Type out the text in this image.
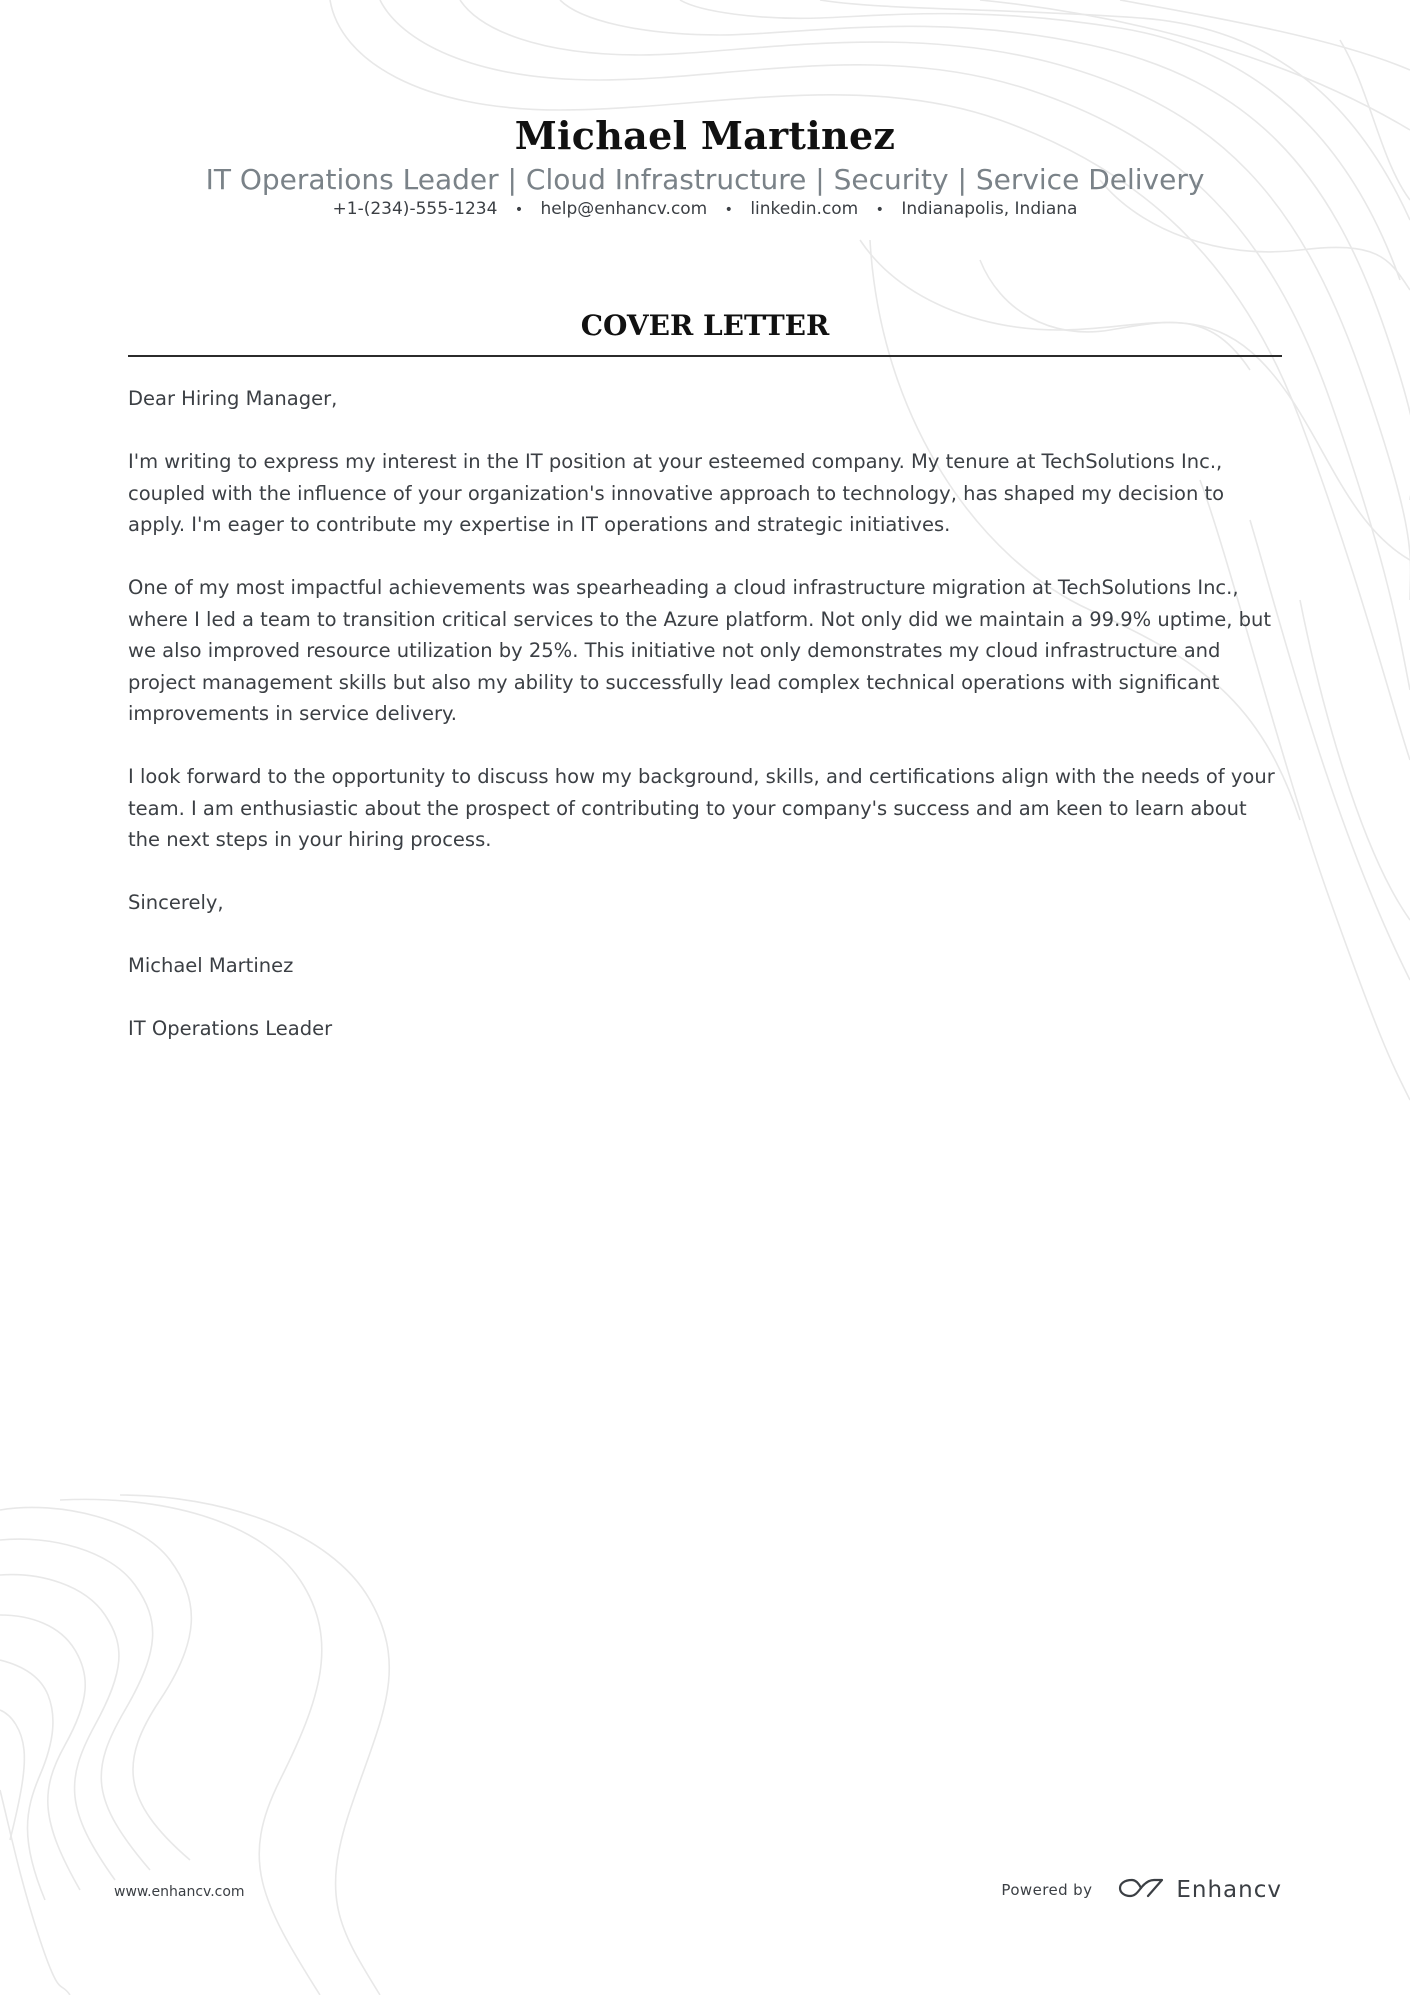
Michael Martinez
IT Operations Leader | Cloud Infrastructure | Security | Service Delivery
+1-(234)-555-1234 • help@enhancv.com • linkedin.com • Indianapolis, Indiana
COVER LETTER

Dear Hiring Manager,

I'm writing to express my interest in the IT position at your esteemed company. My tenure at TechSolutions Inc., coupled with the influence of your organization's innovative approach to technology, has shaped my decision to apply. I'm eager to contribute my expertise in IT operations and strategic initiatives.

One of my most impactful achievements was spearheading a cloud infrastructure migration at TechSolutions Inc., where I led a team to transition critical services to the Azure platform. Not only did we maintain a 99.9% uptime, but we also improved resource utilization by 25%. This initiative not only demonstrates my cloud infrastructure and project management skills but also my ability to successfully lead complex technical operations with significant improvements in service delivery.

I look forward to the opportunity to discuss how my background, skills, and certifications align with the needs of your team. I am enthusiastic about the prospect of contributing to your company's success and am keen to learn about the next steps in your hiring process.

Sincerely,

Michael Martinez

IT Operations Leader

www.enhancv.com	Powered by	Enhancv
